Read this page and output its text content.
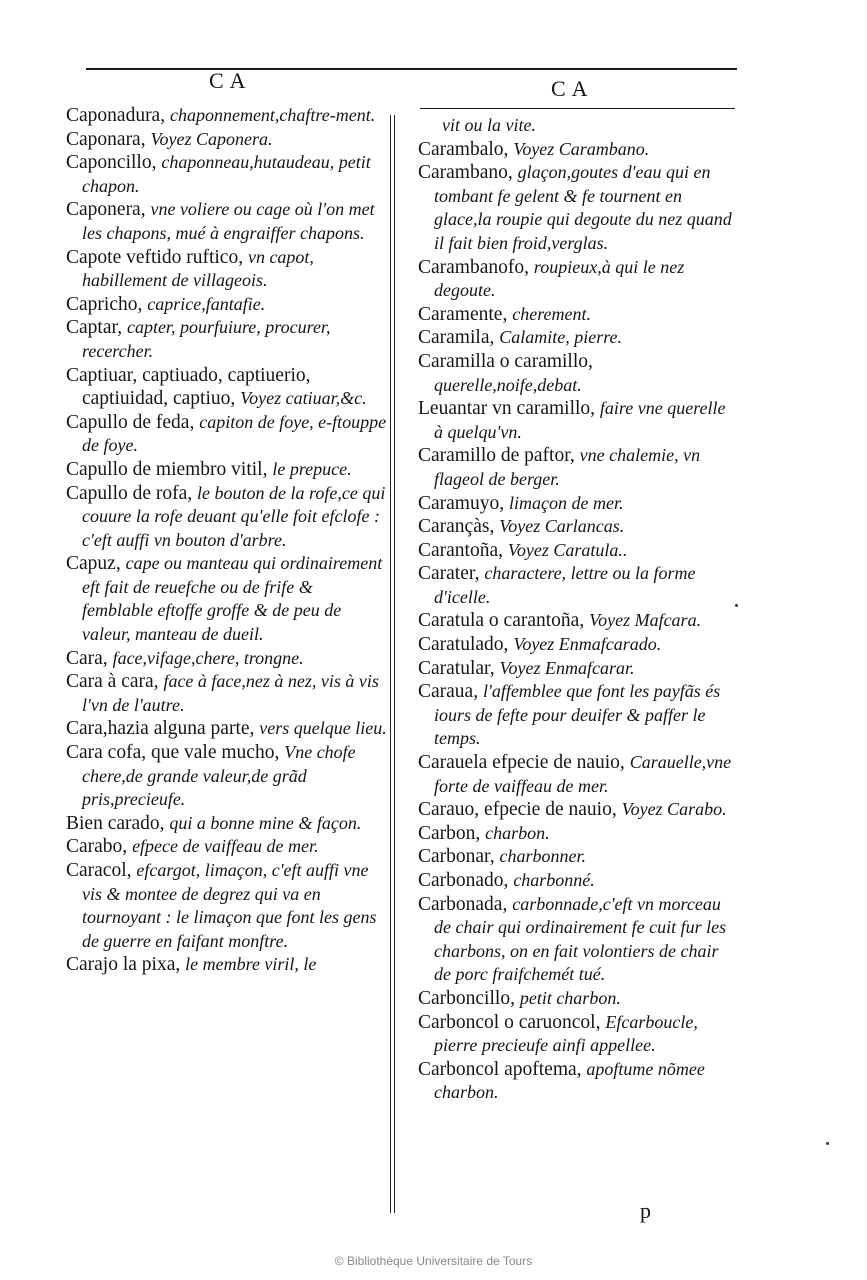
CA	CA

Caponadura, chaponnement,chaftre-ment.

Caponara, Voyez Caponera.

Caponcillo, chaponneau,hutaudeau, petit chapon.

Caponera, vne voliere ou cage où l'on met les chapons, mué à engraiffer chapons.

Capote veftido ruftico, vn capot, habillement de villageois.

Capricho, caprice,fantafie.

Captar, capter, pourfuiure, procurer, recercher.

Captiuar, captiuado, captiuerio, captiuidad, captiuo, Voyez catiuar,&c.

Capullo de feda, capiton de foye, e-ftouppe de foye.

Capullo de miembro vitil, le prepuce.

Capullo de rofa, le bouton de la rofe,ce qui couure la rofe deuant qu'elle foit efclofe : c'eft auffi vn bouton d'arbre.

Capuz, cape ou manteau qui ordinairement eft fait de reuefche ou de frife & femblable eftoffe groffe & de peu de valeur, manteau de dueil.

Cara, face,vifage,chere, trongne.

Cara à cara, face à face,nez à nez, vis à vis l'vn de l'autre.

Cara,hazia alguna parte, vers quelque lieu.

Cara cofa, que vale mucho, Vne chofe chere,de grande valeur,de grãd pris,precieufe.

Bien carado, qui a bonne mine & façon.

Carabo, efpece de vaiffeau de mer.

Caracol, efcargot, limaçon, c'eft auffi vne vis & montee de degrez qui va en tournoyant : le limaçon que font les gens de guerre en faifant monftre.

Carajo la pixa, le membre viril, le

vit ou la vite.

Carambalo, Voyez Carambano.

Carambano, glaçon,goutes d'eau qui en tombant fe gelent & fe tournent en glace,la roupie qui degoute du nez quand il fait bien froid,verglas.

Carambanofo, roupieux,à qui le nez degoute.

Caramente, cherement.

Caramila, Calamite, pierre.

Caramilla o caramillo, querelle,noife,debat.

Leuantar vn caramillo, faire vne querelle à quelqu'vn.

Caramillo de paftor, vne chalemie, vn flageol de berger.

Caramuyo, limaçon de mer.

Carançàs, Voyez Carlancas.

Carantoña, Voyez Caratula..

Carater, charactere, lettre ou la forme d'icelle.

Caratula o carantoña, Voyez Mafcara.

Caratulado, Voyez Enmafcarado.

Caratular, Voyez Enmafcarar.

Caraua, l'affemblee que font les payfãs és iours de fefte pour deuifer & paffer le temps.

Carauela efpecie de nauio, Carauelle,vne forte de vaiffeau de mer.

Carauo, efpecie de nauio, Voyez Carabo.

Carbon, charbon.

Carbonar, charbonner.

Carbonado, charbonné.

Carbonada, carbonnade,c'eft vn morceau de chair qui ordinairement fe cuit fur les charbons, on en fait volontiers de chair de porc fraifchemét tué.

Carboncillo, petit charbon.

Carboncol o caruoncol, Efcarboucle, pierre precieufe ainfi appellee.

Carboncol apoftema, apoftume nõmee charbon.

p
© Bibliothèque Universitaire de Tours
